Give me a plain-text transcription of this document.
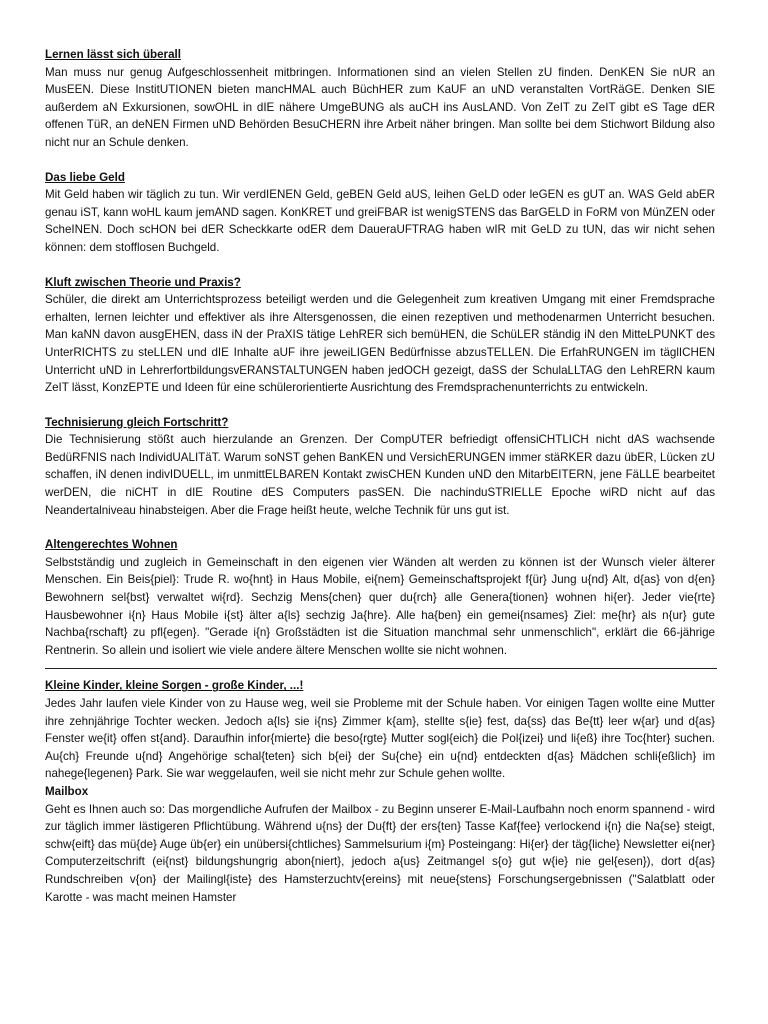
Lernen lässt sich überall
Man muss nur genug Aufgeschlossenheit mitbringen. Informationen sind an vielen Stellen zU finden. DenKEN Sie nUR an MusEEN. Diese InstitUTIONEN bieten mancHMAL auch BüchHER zum KaUF an uND veranstalten VortRäGE. Denken SIE außerdem aN Exkursionen, sowOHL in dIE nähere UmgeBUNG als auCH ins AusLAND. Von ZeIT zu ZeIT gibt eS Tage dER offenen TüR, an deNEN Firmen uND Behörden BesuCHERN ihre Arbeit näher bringen. Man sollte bei dem Stichwort Bildung also nicht nur an Schule denken.
Das liebe Geld
Mit Geld haben wir täglich zu tun. Wir verdIENEN Geld, geBEN Geld aUS, leihen GeLD oder leGEN es gUT an. WAS Geld abER genau iST, kann woHL kaum jemAND sagen. KonKRET und greiFBAR ist wenigSTENS das BarGELD in FoRM von MünZEN oder ScheINEN. Doch scHON bei dER Scheckkarte odER dem DaueraUFTRAG haben wIR mit GeLD zu tUN, das wir nicht sehen können: dem stofflosen Buchgeld.
Kluft zwischen Theorie und Praxis?
Schüler, die direkt am Unterrichtsprozess beteiligt werden und die Gelegenheit zum kreativen Umgang mit einer Fremdsprache erhalten, lernen leichter und effektiver als ihre Altersgenossen, die einen rezeptiven und methodenarmen Unterricht besuchen. Man kaNN davon ausgEHEN, dass iN der PraXIS tätige LehRER sich bemüHEN, die SchüLER ständig iN den MitteLPUNKT des UnterRICHTS zu steLLEN und dIE Inhalte aUF ihre jeweiLIGEN Bedürfnisse abzusTELLEN. Die ErfahRUNGEN im täglICHEN Unterricht uND in LehrerfortbildungsvERANSTALTUNGEN haben jedOCH gezeigt, daSS der SchulaLLTAG den LehRERN kaum ZeIT lässt, KonzEPTE und Ideen für eine schülerorientierte Ausrichtung des Fremdsprachenunterrichts zu entwickeln.
Technisierung gleich Fortschritt?
Die Technisierung stößt auch hierzulande an Grenzen. Der CompUTER befriedigt offensiCHTLICH nicht dAS wachsende BedüRFNIS nach IndividUALITäT. Warum soNST gehen BanKEN und VersichERUNGEN immer stäRKER dazu übER, Lücken zU schaffen, iN denen indivIDUELL, im unmittELBAREN Kontakt zwisCHEN Kunden uND den MitarbEITERN, jene FäLLE bearbeitet werDEN, die niCHT in dIE Routine dES Computers pasSEN. Die nachinduSTRIELLE Epoche wiRD nicht auf das Neandertalniveau hinabsteigen. Aber die Frage heißt heute, welche Technik für uns gut ist.
Altengerechtes Wohnen
Selbstständig und zugleich in Gemeinschaft in den eigenen vier Wänden alt werden zu können ist der Wunsch vieler älterer Menschen. Ein Beis{piel}: Trude R. wo{hnt} in Haus Mobile, ei{nem} Gemeinschaftsprojekt f{ür} Jung u{nd} Alt, d{as} von d{en} Bewohnern sel{bst} verwaltet wi{rd}. Sechzig Mens{chen} quer du{rch} alle Genera{tionen} wohnen hi{er}. Jeder vie{rte} Hausbewohner i{n} Haus Mobile i{st} älter a{ls} sechzig Ja{hre}. Alle ha{ben} ein gemei{nsames} Ziel: me{hr} als n{ur} gute Nachba{rschaft} zu pfl{egen}. "Gerade i{n} Großstädten ist die Situation manchmal sehr unmenschlich", erklärt die 66-jährige Rentnerin. So allein und isoliert wie viele andere ältere Menschen wollte sie nicht wohnen.
Kleine Kinder, kleine Sorgen - große Kinder, ...!
Jedes Jahr laufen viele Kinder von zu Hause weg, weil sie Probleme mit der Schule haben. Vor einigen Tagen wollte eine Mutter ihre zehnjährige Tochter wecken. Jedoch a{ls} sie i{ns} Zimmer k{am}, stellte s{ie} fest, da{ss} das Be{tt} leer w{ar} und d{as} Fenster we{it} offen st{and}. Daraufhin infor{mierte} die beso{rgte} Mutter sogl{eich} die Pol{izei} und li{eß} ihre Toc{hter} suchen. Au{ch} Freunde u{nd} Angehörige schal{teten} sich b{ei} der Su{che} ein u{nd} entdeckten d{as} Mädchen schli{eßlich} im nahege{legenen} Park. Sie war weggelaufen, weil sie nicht mehr zur Schule gehen wollte.
Mailbox
Geht es Ihnen auch so: Das morgendliche Aufrufen der Mailbox - zu Beginn unserer E-Mail-Laufbahn noch enorm spannend - wird zur täglich immer lästigeren Pflichtübung. Während u{ns} der Du{ft} der ers{ten} Tasse Kaf{fee} verlockend i{n} die Na{se} steigt, schw{eift} das mü{de} Auge üb{er} ein unübersi{chtliches} Sammelsurium i{m} Posteingang: Hi{er} der täg{liche} Newsletter ei{ner} Computerzeitschrift (ei{nst} bildungshungrig abon{niert}, jedoch a{us} Zeitmangel s{o} gut w{ie} nie gel{esen}), dort d{as} Rundschreiben v{on} der Mailingl{iste} des Hamsterzuchtv{ereins} mit neue{stens} Forschungsergebnissen ("Salatblatt oder Karotte - was macht meinen Hamster
